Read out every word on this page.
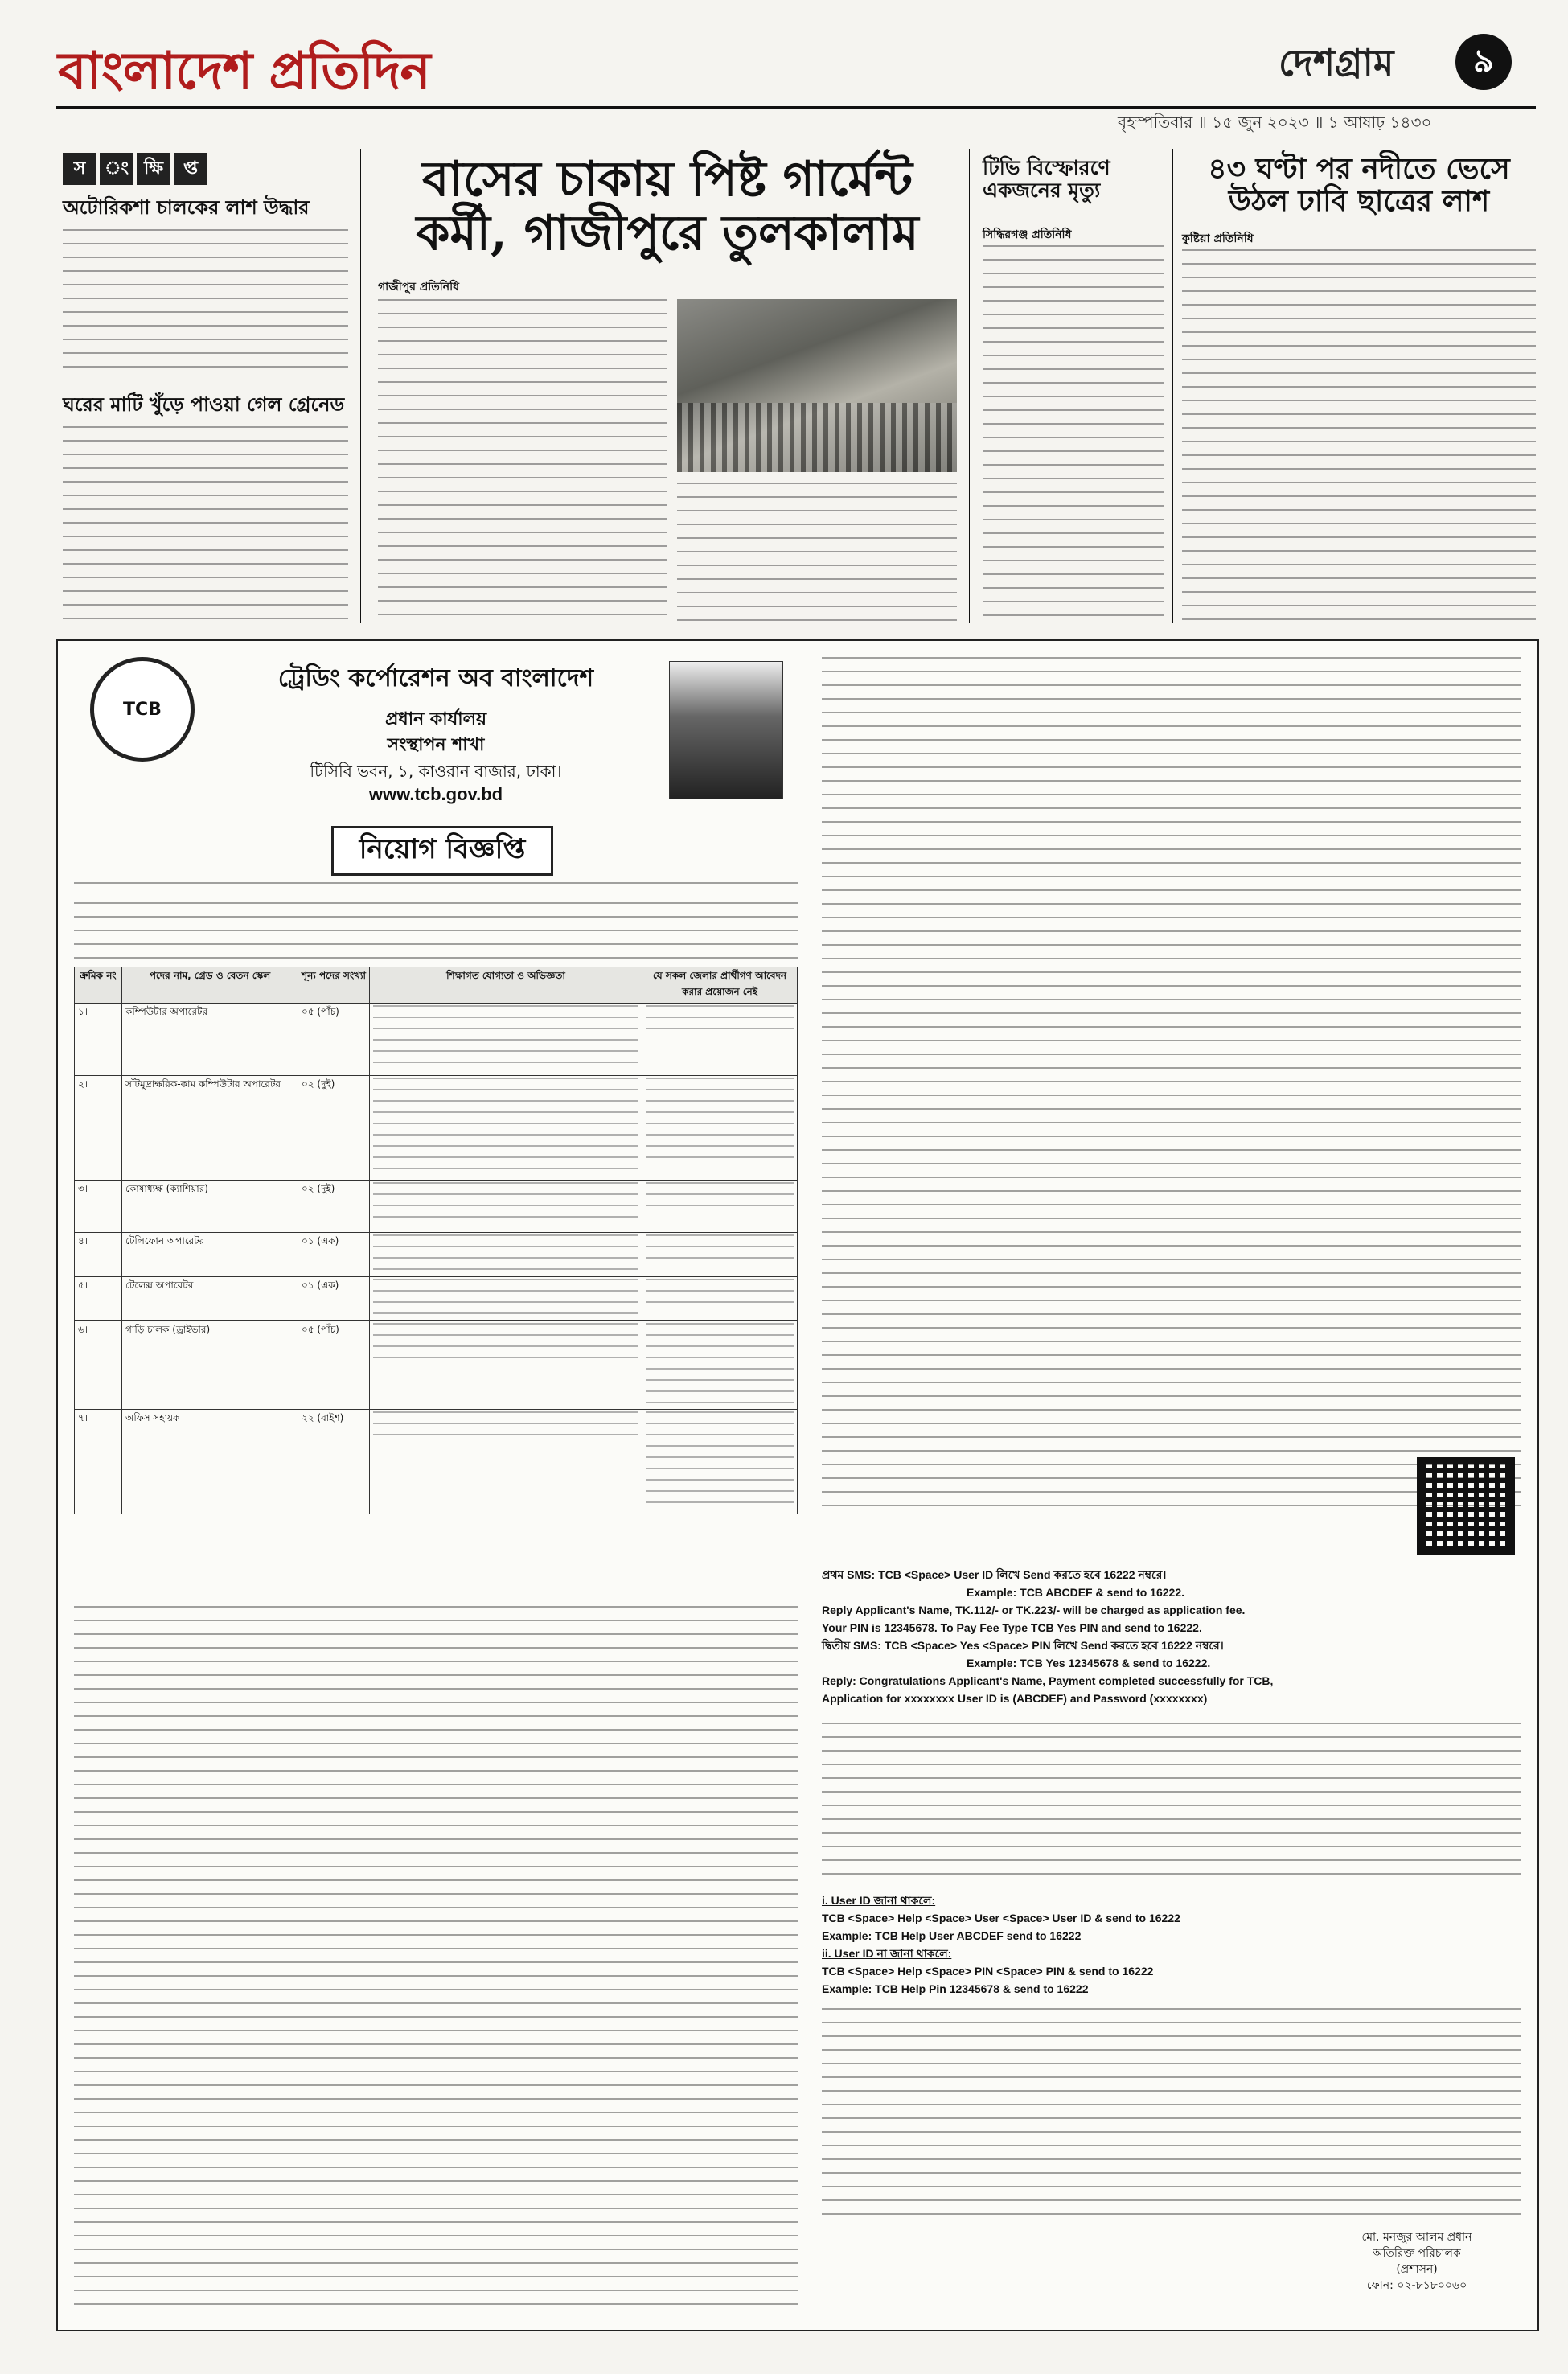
বাংলাদেশ প্রতিদিন	দেশগ্রাম	৯
বৃহস্পতিবার ॥ ১৫ জুন ২০২৩ ॥ ১ আষাঢ় ১৪৩০
স	ং ক্ষি	প্ত
অটোরিকশা চালকের লাশ উদ্ধার
ঘরের মাটি খুঁড়ে পাওয়া গেল গ্রেনেড
বাসের চাকায় পিষ্ট গার্মেন্ট
কর্মী, গাজীপুরে তুলকালাম
গাজীপুর প্রতিনিধি
টিভি বিস্ফোরণে একজনের মৃত্যু
সিদ্ধিরগঞ্জ প্রতিনিধি
৪৩ ঘণ্টা পর নদীতে ভেসে
উঠল ঢাবি ছাত্রের লাশ
কুষ্টিয়া প্রতিনিধি
TCB
ট্রেডিং কর্পোরেশন অব বাংলাদেশ
প্রধান কার্যালয়
সংস্থাপন শাখা
টিসিবি ভবন, ১, কাওরান বাজার, ঢাকা।
www.tcb.gov.bd
নিয়োগ বিজ্ঞপ্তি
ক্রমিক নং	পদের নাম, গ্রেড ও বেতন স্কেল	শূন্য পদের সংখ্যা	শিক্ষাগত যোগ্যতা ও অভিজ্ঞতা	যে সকল জেলার প্রার্থীগণ আবেদন করার প্রয়োজন নেই
১।	কম্পিউটার অপারেটর	০৫ (পাঁচ)	

২।	সাঁটমুদ্রাক্ষরিক-কাম কম্পিউটার অপারেটর	০২ (দুই)	

৩।	কোষাধ্যক্ষ (ক্যাশিয়ার)	০২ (দুই)	

৪।	টেলিফোন অপারেটর	০১ (এক)	

৫।	টেলেক্স অপারেটর	০১ (এক)	

৬।	গাড়ি চালক (ড্রাইভার)	০৫ (পাঁচ)	

৭।	অফিস সহায়ক	২২ (বাইশ)	

প্রথম SMS: TCB <Space> User ID লিখে Send করতে হবে 16222 নম্বরে।
Example: TCB ABCDEF & send to 16222.
Reply Applicant's Name, TK.112/- or TK.223/- will be charged as application fee.
Your PIN is 12345678. To Pay Fee Type TCB Yes PIN and send to 16222.
দ্বিতীয় SMS: TCB <Space> Yes <Space> PIN লিখে Send করতে হবে 16222 নম্বরে।
Example: TCB Yes 12345678 & send to 16222.
Reply: Congratulations Applicant's Name, Payment completed successfully for TCB,
Application for xxxxxxxx User ID is (ABCDEF) and Password (xxxxxxxx)
i. User ID জানা থাকলে:
TCB <Space> Help <Space> User <Space> User ID & send to 16222
Example: TCB Help User ABCDEF send to 16222
ii. User ID না জানা থাকলে:
TCB <Space> Help <Space> PIN <Space> PIN & send to 16222
Example: TCB Help Pin 12345678 & send to 16222
মো. মনজুর আলম প্রধান
অতিরিক্ত পরিচালক
(প্রশাসন)
ফোন: ০২-৮১৮০০৬০
